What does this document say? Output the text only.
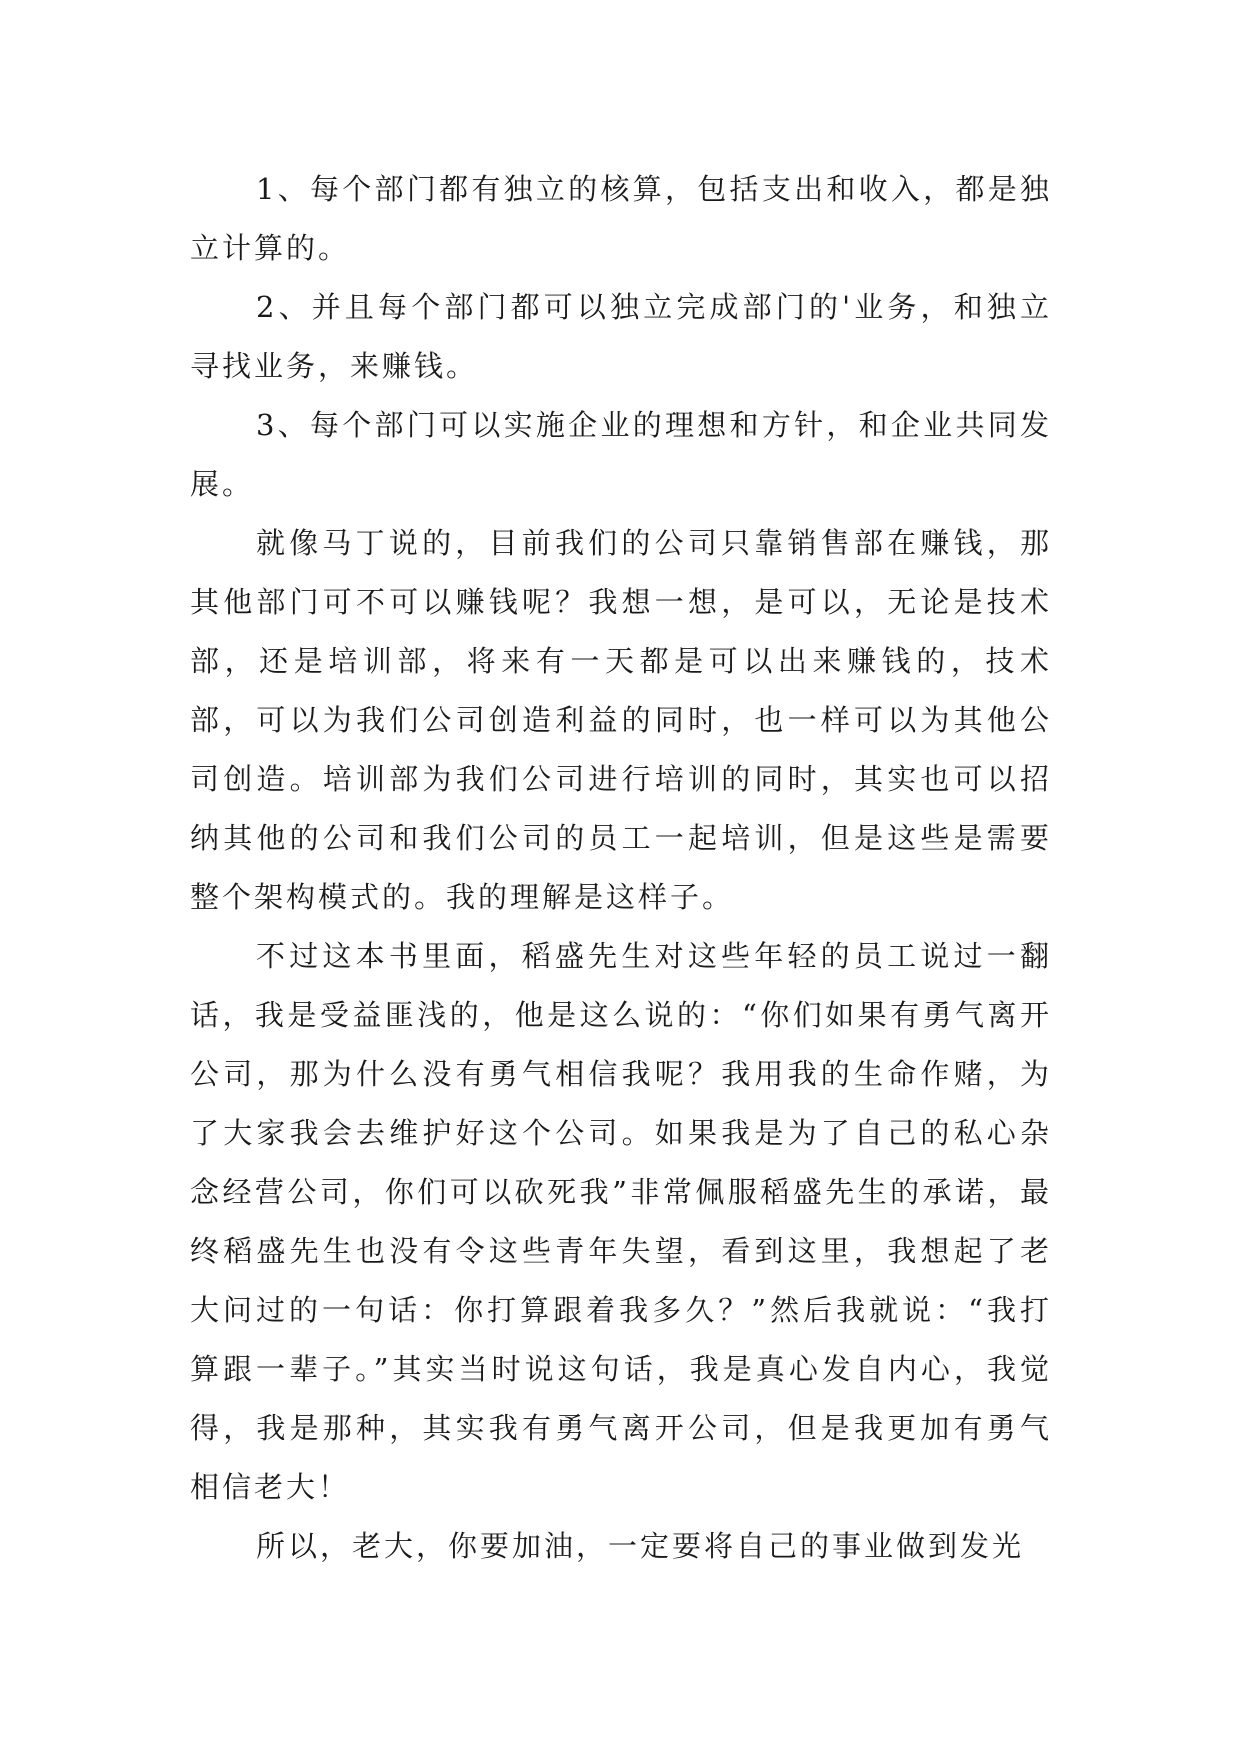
1、每个部门都有独立的核算，包括支出和收入，都是独立计算的。

2、并且每个部门都可以独立完成部门的'业务，和独立寻找业务，来赚钱。

3、每个部门可以实施企业的理想和方针，和企业共同发展。

就像马丁说的，目前我们的公司只靠销售部在赚钱，那其他部门可不可以赚钱呢？我想一想，是可以，无论是技术部，还是培训部，将来有一天都是可以出来赚钱的，技术部，可以为我们公司创造利益的同时，也一样可以为其他公司创造。培训部为我们公司进行培训的同时，其实也可以招纳其他的公司和我们公司的员工一起培训，但是这些是需要整个架构模式的。我的理解是这样子。

不过这本书里面，稻盛先生对这些年轻的员工说过一翻话，我是受益匪浅的，他是这么说的：“你们如果有勇气离开公司，那为什么没有勇气相信我呢？我用我的生命作赌，为了大家我会去维护好这个公司。如果我是为了自己的私心杂念经营公司，你们可以砍死我”非常佩服稻盛先生的承诺，最终稻盛先生也没有令这些青年失望，看到这里，我想起了老大问过的一句话：你打算跟着我多久？”然后我就说：“我打算跟一辈子。”其实当时说这句话，我是真心发自内心，我觉得，我是那种，其实我有勇气离开公司，但是我更加有勇气相信老大！

所以，老大，你要加油，一定要将自己的事业做到发光
